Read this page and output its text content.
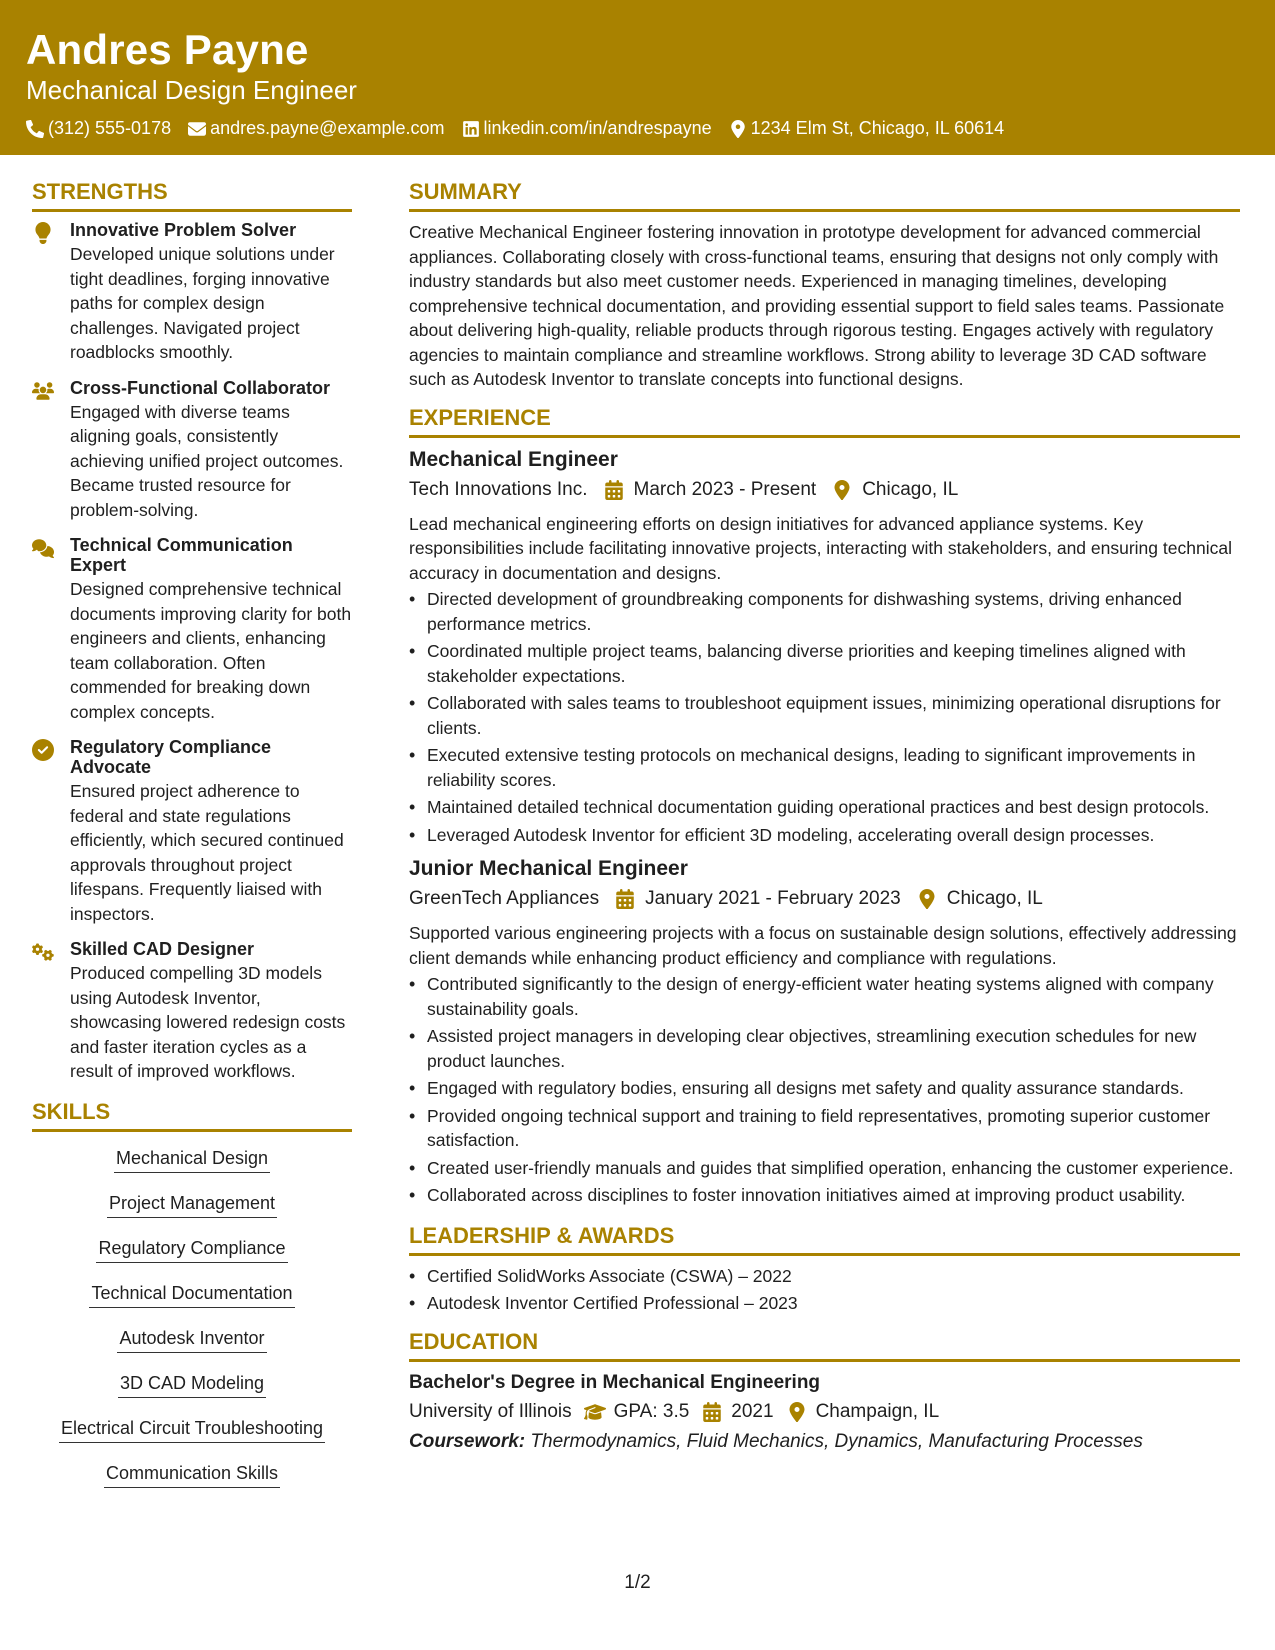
Andres Payne
Mechanical Design Engineer
(312) 555-0178 andres.payne@example.com linkedin.com/in/andrespayne 1234 Elm St, Chicago, IL 60614
STRENGTHS
Innovative Problem Solver
Developed unique solutions under tight deadlines, forging innovative paths for complex design challenges. Navigated project roadblocks smoothly.
Cross-Functional Collaborator
Engaged with diverse teams aligning goals, consistently achieving unified project outcomes. Became trusted resource for problem-solving.
Technical Communication Expert
Designed comprehensive technical documents improving clarity for both engineers and clients, enhancing team collaboration. Often commended for breaking down complex concepts.
Regulatory Compliance Advocate
Ensured project adherence to federal and state regulations efficiently, which secured continued approvals throughout project lifespans. Frequently liaised with inspectors.
Skilled CAD Designer
Produced compelling 3D models using Autodesk Inventor, showcasing lowered redesign costs and faster iteration cycles as a result of improved workflows.
SKILLS
Mechanical Design
Project Management
Regulatory Compliance
Technical Documentation
Autodesk Inventor
3D CAD Modeling
Electrical Circuit Troubleshooting
Communication Skills
SUMMARY
Creative Mechanical Engineer fostering innovation in prototype development for advanced commercial appliances. Collaborating closely with cross-functional teams, ensuring that designs not only comply with industry standards but also meet customer needs. Experienced in managing timelines, developing comprehensive technical documentation, and providing essential support to field sales teams. Passionate about delivering high-quality, reliable products through rigorous testing. Engages actively with regulatory agencies to maintain compliance and streamline workflows. Strong ability to leverage 3D CAD software such as Autodesk Inventor to translate concepts into functional designs.
EXPERIENCE
Mechanical Engineer
Tech Innovations Inc. March 2023 - Present Chicago, IL
Lead mechanical engineering efforts on design initiatives for advanced appliance systems. Key responsibilities include facilitating innovative projects, interacting with stakeholders, and ensuring technical accuracy in documentation and designs.
• Directed development of groundbreaking components for dishwashing systems, driving enhanced performance metrics.
• Coordinated multiple project teams, balancing diverse priorities and keeping timelines aligned with stakeholder expectations.
• Collaborated with sales teams to troubleshoot equipment issues, minimizing operational disruptions for clients.
• Executed extensive testing protocols on mechanical designs, leading to significant improvements in reliability scores.
• Maintained detailed technical documentation guiding operational practices and best design protocols.
• Leveraged Autodesk Inventor for efficient 3D modeling, accelerating overall design processes.
Junior Mechanical Engineer
GreenTech Appliances January 2021 - February 2023 Chicago, IL
Supported various engineering projects with a focus on sustainable design solutions, effectively addressing client demands while enhancing product efficiency and compliance with regulations.
• Contributed significantly to the design of energy-efficient water heating systems aligned with company sustainability goals.
• Assisted project managers in developing clear objectives, streamlining execution schedules for new product launches.
• Engaged with regulatory bodies, ensuring all designs met safety and quality assurance standards.
• Provided ongoing technical support and training to field representatives, promoting superior customer satisfaction.
• Created user-friendly manuals and guides that simplified operation, enhancing the customer experience.
• Collaborated across disciplines to foster innovation initiatives aimed at improving product usability.
LEADERSHIP & AWARDS
• Certified SolidWorks Associate (CSWA) – 2022
• Autodesk Inventor Certified Professional – 2023
EDUCATION
Bachelor's Degree in Mechanical Engineering
University of Illinois GPA: 3.5 2021 Champaign, IL
Coursework: Thermodynamics, Fluid Mechanics, Dynamics, Manufacturing Processes
1/2
